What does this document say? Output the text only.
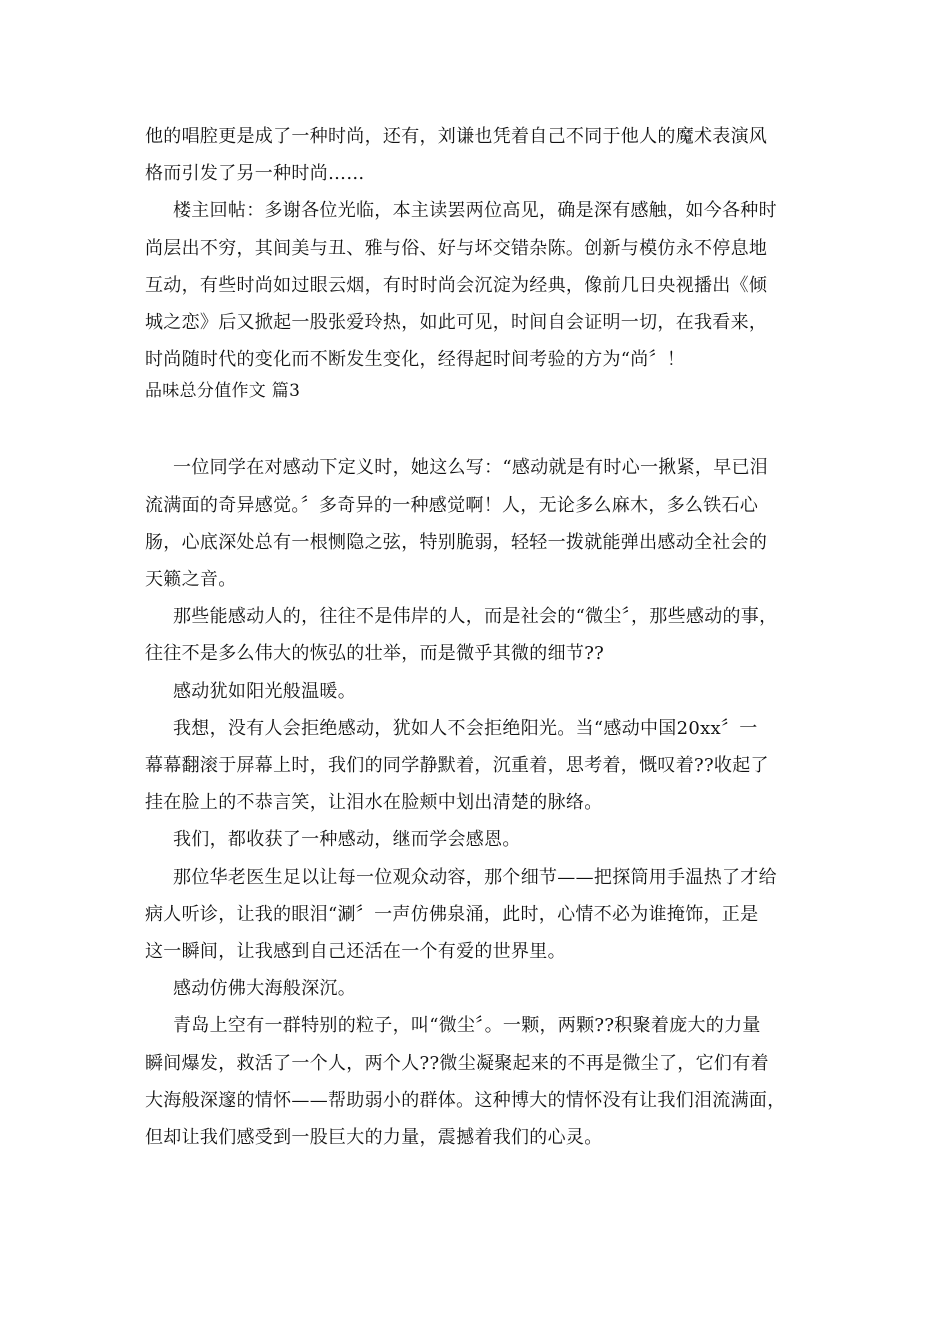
他的唱腔更是成了一种时尚，还有，刘谦也凭着自己不同于他人的魔术表演风
格而引发了另一种时尚……
楼主回帖：多谢各位光临，本主读罢两位高见，确是深有感触，如今各种时
尚层出不穷，其间美与丑、雅与俗、好与坏交错杂陈。创新与模仿永不停息地
互动，有些时尚如过眼云烟，有时时尚会沉淀为经典，像前几日央视播出《倾
城之恋》后又掀起一股张爱玲热，如此可见，时间自会证明一切，在我看来，
时尚随时代的变化而不断发生变化，经得起时间考验的方为“尚〞！
品味总分值作文 篇3
一位同学在对感动下定义时，她这么写：“感动就是有时心一揪紧，早已泪
流满面的奇异感觉。〞多奇异的一种感觉啊！人，无论多么麻木，多么铁石心
肠，心底深处总有一根恻隐之弦，特别脆弱，轻轻一拨就能弹出感动全社会的
天籁之音。
那些能感动人的，往往不是伟岸的人，而是社会的“微尘〞，那些感动的事，
往往不是多么伟大的恢弘的壮举，而是微乎其微的细节??
感动犹如阳光般温暖。
我想，没有人会拒绝感动，犹如人不会拒绝阳光。当“感动中国20xx〞一
幕幕翻滚于屏幕上时，我们的同学静默着，沉重着，思考着，慨叹着??收起了
挂在脸上的不恭言笑，让泪水在脸颊中划出清楚的脉络。
我们，都收获了一种感动，继而学会感恩。
那位华老医生足以让每一位观众动容，那个细节——把探筒用手温热了才给
病人听诊，让我的眼泪“涮〞一声仿佛泉涌，此时，心情不必为谁掩饰，正是
这一瞬间，让我感到自己还活在一个有爱的世界里。
感动仿佛大海般深沉。
青岛上空有一群特别的粒子，叫“微尘〞。一颗，两颗??积聚着庞大的力量
瞬间爆发，救活了一个人，两个人??微尘凝聚起来的不再是微尘了，它们有着
大海般深邃的情怀——帮助弱小的群体。这种博大的情怀没有让我们泪流满面，
但却让我们感受到一股巨大的力量，震撼着我们的心灵。
